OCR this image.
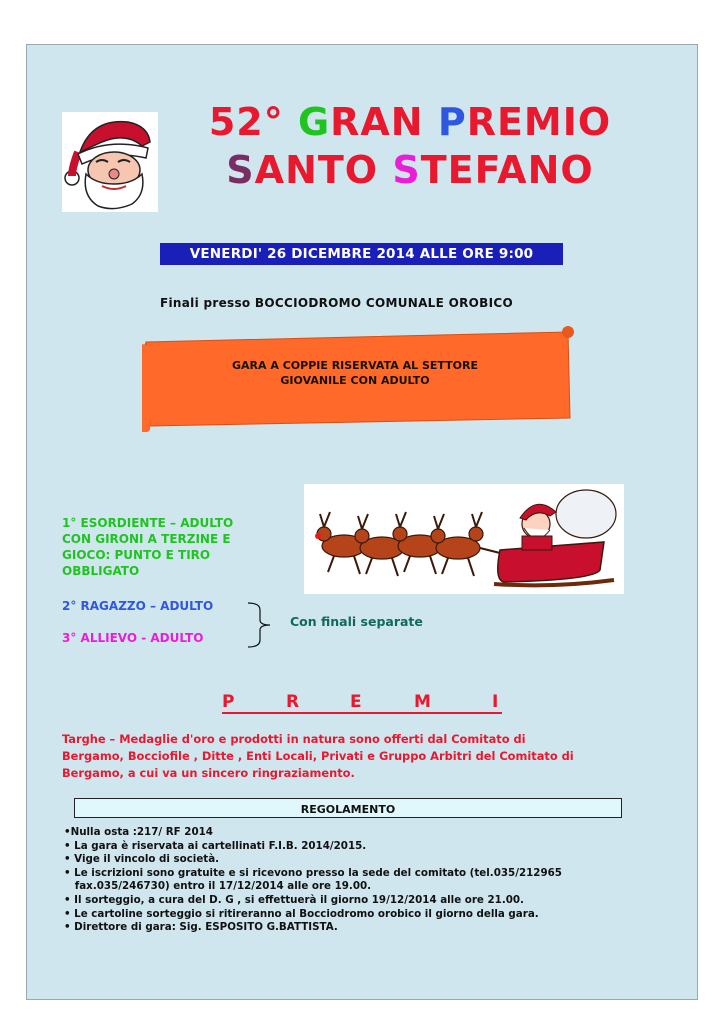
52° GRAN PREMIO
SANTO STEFANO
VENERDI' 26 DICEMBRE 2014 ALLE ORE 9:00
Finali presso BOCCIODROMO COMUNALE OROBICO
GARA A COPPIE RISERVATA AL SETTORE
GIOVANILE CON ADULTO
1° ESORDIENTE – ADULTO
CON GIRONI A TERZINE E
GIOCO: PUNTO E TIRO
OBBLIGATO
2° RAGAZZO – ADULTO
3° ALLIEVO - ADULTO
Con finali separate
P	R	E	M	I
Targhe – Medaglie d'oro e prodotti in natura sono offerti dal Comitato di
Bergamo, Bocciofile , Ditte , Enti Locali, Privati e Gruppo Arbitri del Comitato di
Bergamo, a cui va un sincero ringraziamento.
REGOLAMENTO
•Nulla osta :217/ RF 2014
• La gara è riservata ai cartellinati F.I.B. 2014/2015.
• Vige il vincolo di società.
• Le iscrizioni sono gratuite e si ricevono presso la sede del comitato (tel.035/212965
fax.035/246730) entro il 17/12/2014 alle ore 19.00.
• Il sorteggio, a cura del D. G , si effettuerà il giorno 19/12/2014 alle ore 21.00.
• Le cartoline sorteggio si ritireranno al Bocciodromo orobico il giorno della gara.
• Direttore di gara: Sig. ESPOSITO G.BATTISTA.
